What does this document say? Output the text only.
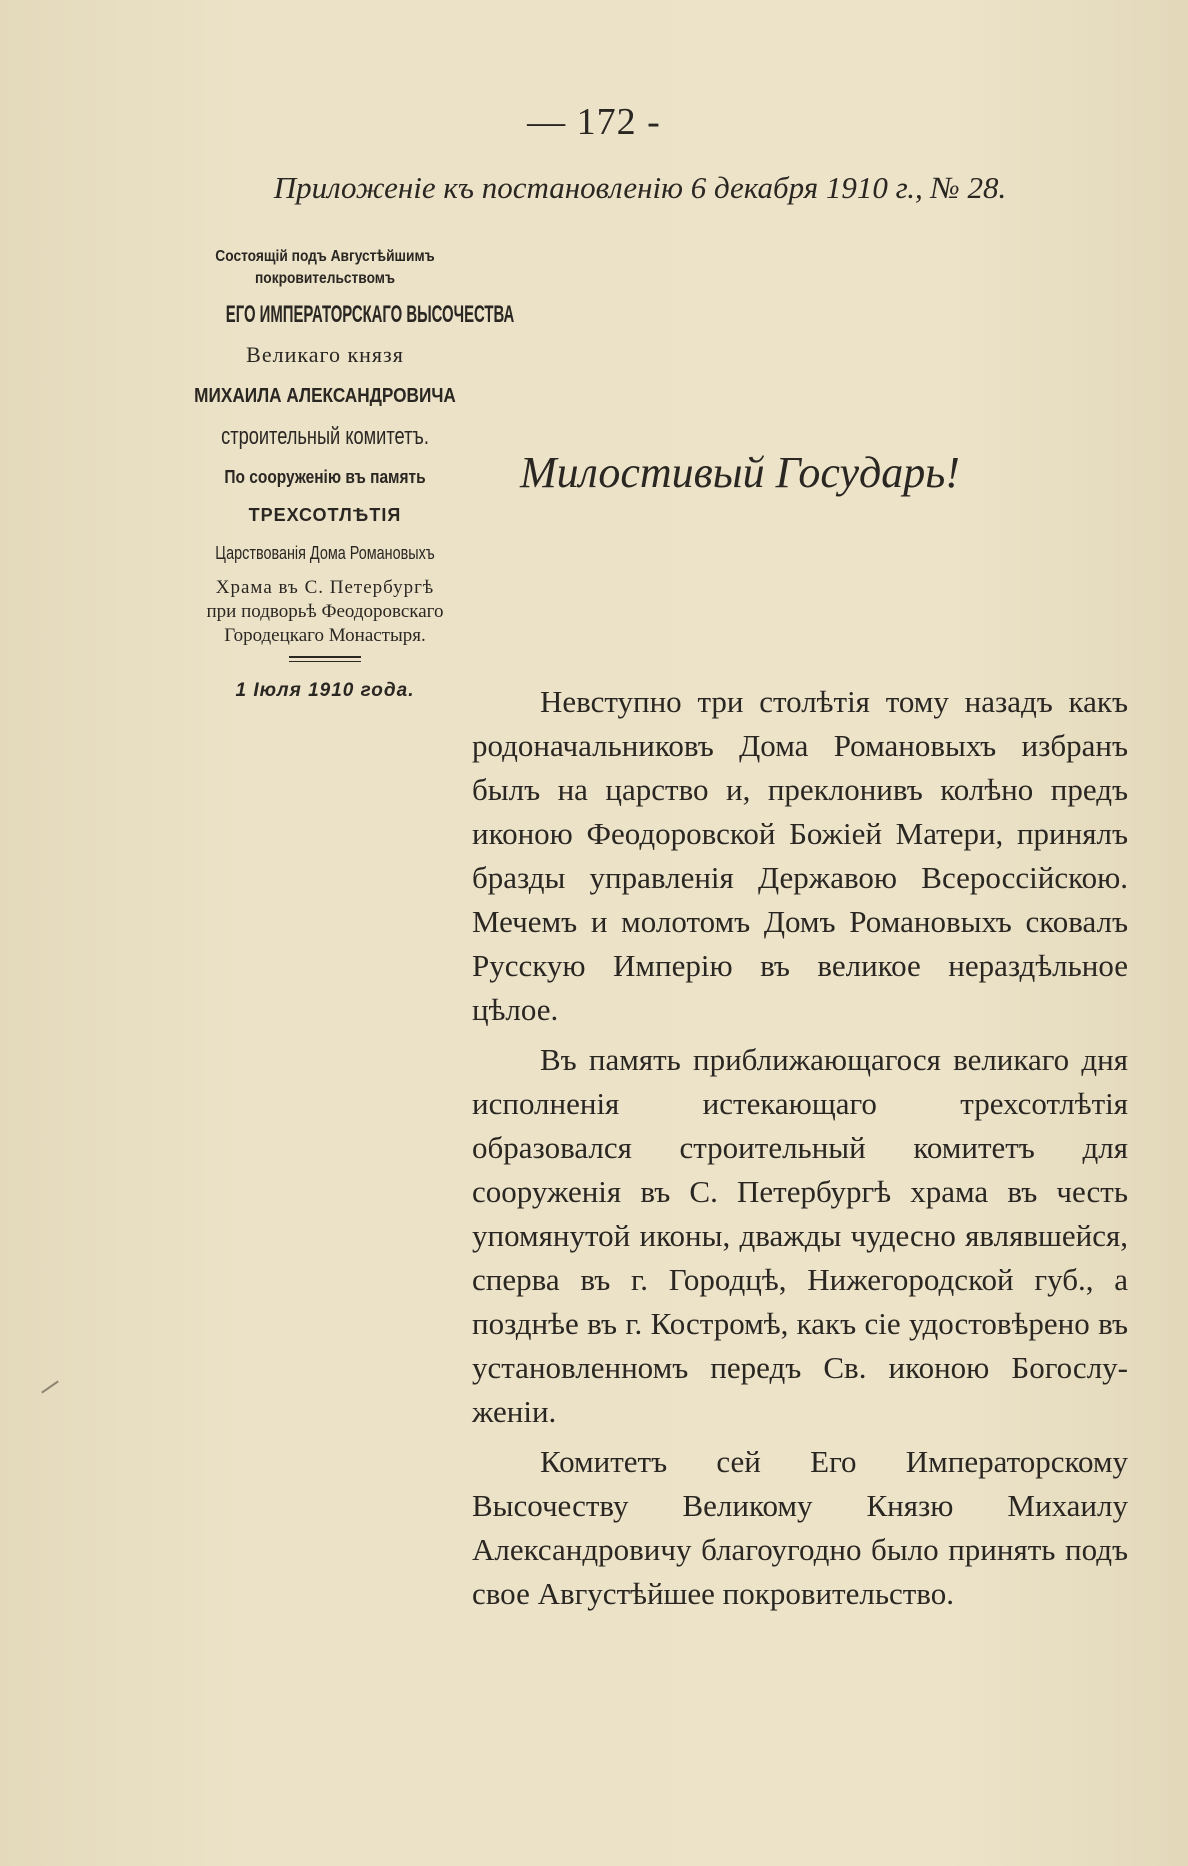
— 172 -
Приложеніе къ постановленію 6 декабря 1910 г., № 28.
Состоящій подъ Августѣйшимъ
покровительствомъ
ЕГО ИМПЕРАТОРСКАГО ВЫСОЧЕСТВА
Великаго князя
МИХАИЛА АЛЕКСАНДРОВИЧА
строительный комитетъ.
По сооруженію въ память
ТРЕХСОТЛѢТІЯ
Царствованія Дома Романовыхъ
Храма въ С. Петербургѣ
при подворьѣ Феодоровскаго
Городецкаго Монастыря.
1 Іюля 1910 года.
Милостивый Государь!

Невступно три столѣтія тому назадъ какъ родоначальниковъ Дома Романовыхъ избранъ былъ на царство и, преклонивъ колѣно предъ иконою Феодоровской Божіей Матери, принялъ бразды управленія Державою Всероссійскою. Мечемъ и молотомъ Домъ Романовыхъ сковалъ Русскую Имперію въ великое нераздѣльное цѣлое.

Въ память приближающагося великаго дня исполненія истекающаго трехсотлѣтія образовался строительный комитетъ для сооруженія въ С. Петербургѣ храма въ честь упомянутой иконы, дважды чудесно являвшейся, сперва въ г. Городцѣ, Нижегородской губ., а позднѣе въ г. Костромѣ, какъ сіе удостовѣрено въ установленномъ передъ Св. иконою Богослуженіи.

Комитетъ сей Его Императорскому Высочеству Великому Князю Михаилу Александровичу благоугодно было принять подъ свое Августѣйшее покровительство.
